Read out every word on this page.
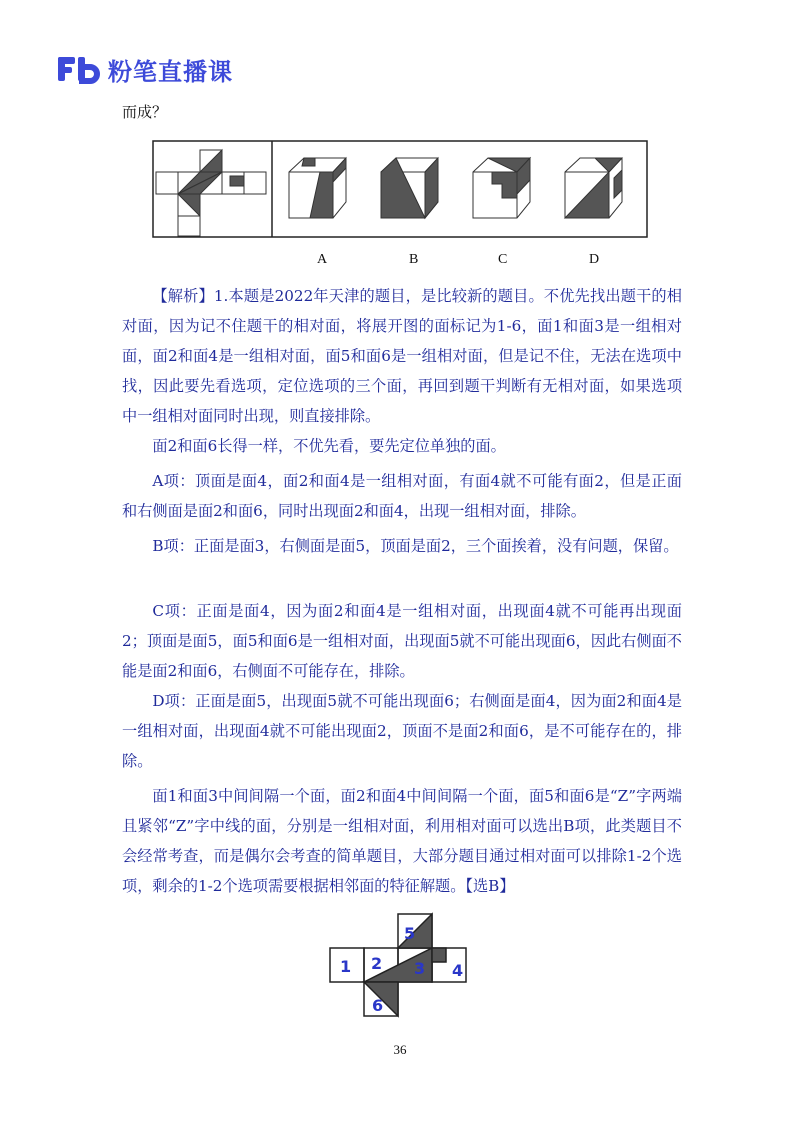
粉笔直播课
而成？
A	B	C	D

【解析】1.本题是2022年天津的题目，是比较新的题目。不优先找出题干的相对面，因为记不住题干的相对面，将展开图的面标记为1-6，面1和面3是一组相对面，面2和面4是一组相对面，面5和面6是一组相对面，但是记不住，无法在选项中找，因此要先看选项，定位选项的三个面，再回到题干判断有无相对面，如果选项中一组相对面同时出现，则直接排除。

面2和面6长得一样，不优先看，要先定位单独的面。

A项：顶面是面4，面2和面4是一组相对面，有面4就不可能有面2，但是正面和右侧面是面2和面6，同时出现面2和面4，出现一组相对面，排除。

B项：正面是面3，右侧面是面5，顶面是面2，三个面挨着，没有问题，保留。

C项：正面是面4，因为面2和面4是一组相对面，出现面4就不可能再出现面2；顶面是面5，面5和面6是一组相对面，出现面5就不可能出现面6，因此右侧面不能是面2和面6，右侧面不可能存在，排除。

D项：正面是面5，出现面5就不可能出现面6；右侧面是面4，因为面2和面4是一组相对面，出现面4就不可能出现面2，顶面不是面2和面6，是不可能存在的，排除。

面1和面3中间间隔一个面，面2和面4中间间隔一个面，面5和面6是“Z”字两端且紧邻“Z”字中线的面，分别是一组相对面，利用相对面可以选出B项，此类题目不会经常考查，而是偶尔会考查的简单题目，大部分题目通过相对面可以排除1-2个选项，剩余的1-2个选项需要根据相邻面的特征解题。【选B】

5
1 2 3 4
6
36
